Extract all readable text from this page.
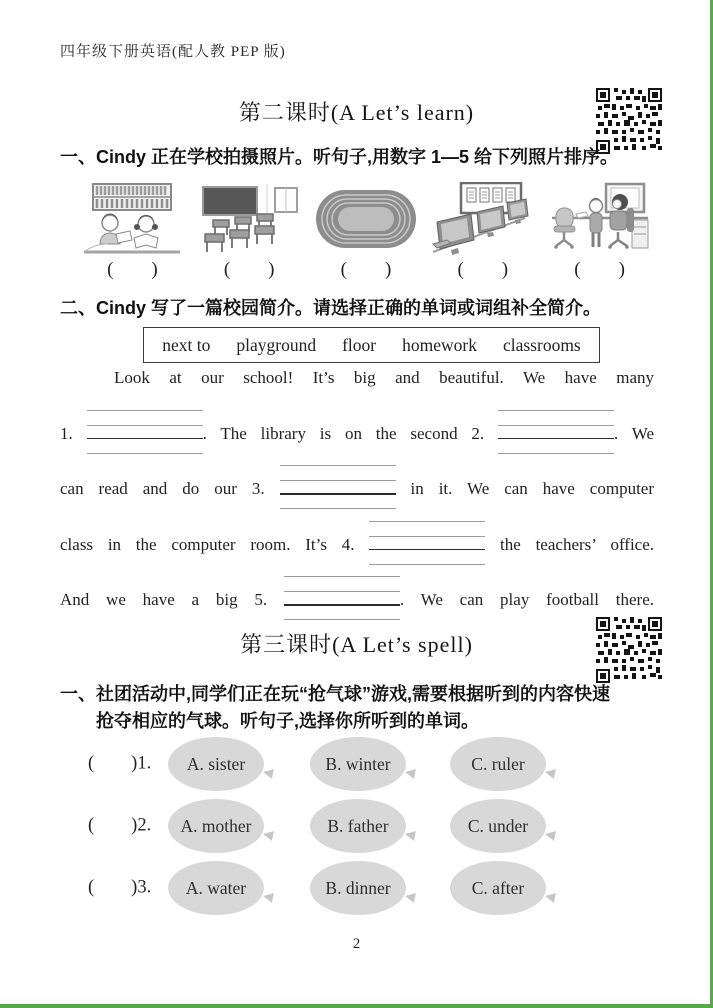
四年级下册英语(配人教 PEP 版)
第二课时(A Let’s learn)
一、Cindy 正在学校拍摄照片。听句子,用数字 1—5 给下列照片排序。
(        )	(        )	(        )	(        )	(        )
二、Cindy 写了一篇校园简介。请选择正确的单词或词组补全简介。
next to playground floor homework classrooms
Look at our school! It’s big and beautiful. We have many
1.	. The library is on the second 2.	. We
can read and do our 3.	in it. We can have computer
class in the computer room. It’s 4.	the teachers’ office.
And we have a big 5.	. We can play football there.
第三课时(A Let’s spell)
一、社团活动中,同学们正在玩“抢气球”游戏,需要根据听到的内容快速
抢夺相应的气球。听句子,选择你所听到的单词。
(        )1. A. sister	B. winter	C. ruler
(        )2. A. mother	B. father	C. under
(        )3. A. water	B. dinner	C. after
2
